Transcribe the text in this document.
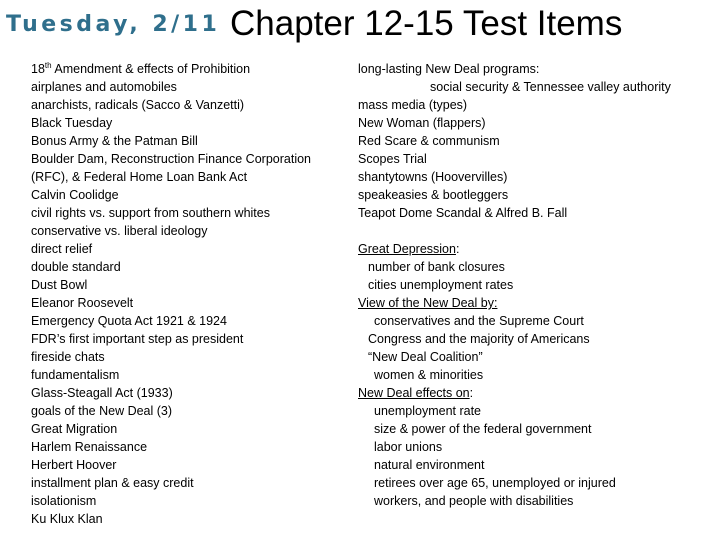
Tuesday, 2/11 Chapter 12-15 Test Items
18th Amendment & effects of Prohibition
airplanes and automobiles
anarchists, radicals (Sacco & Vanzetti)
Black Tuesday
Bonus Army & the Patman Bill
Boulder Dam, Reconstruction Finance Corporation
(RFC), & Federal Home Loan Bank Act
Calvin Coolidge
civil rights vs. support from southern whites
conservative vs. liberal ideology
direct relief
double standard
Dust Bowl
Eleanor Roosevelt
Emergency Quota Act 1921 & 1924
FDR’s first important step as president
fireside chats
fundamentalism
Glass-Steagall Act (1933)
goals of the New Deal (3)
Great Migration
Harlem Renaissance
Herbert Hoover
installment plan & easy credit
isolationism
Ku Klux Klan
long-lasting New Deal programs:
social security & Tennessee valley authority
mass media (types)
New Woman (flappers)
Red Scare & communism
Scopes Trial
shantytowns (Hoovervilles)
speakeasies & bootleggers
Teapot Dome Scandal & Alfred B. Fall
Great Depression:
number of bank closures
cities unemployment rates
View of the New Deal by:
conservatives and the Supreme Court
Congress and the majority of Americans
“New Deal Coalition”
women & minorities
New Deal effects on:
unemployment rate
size & power of the federal government
labor unions
natural environment
retirees over age 65, unemployed or injured
workers, and people with disabilities
